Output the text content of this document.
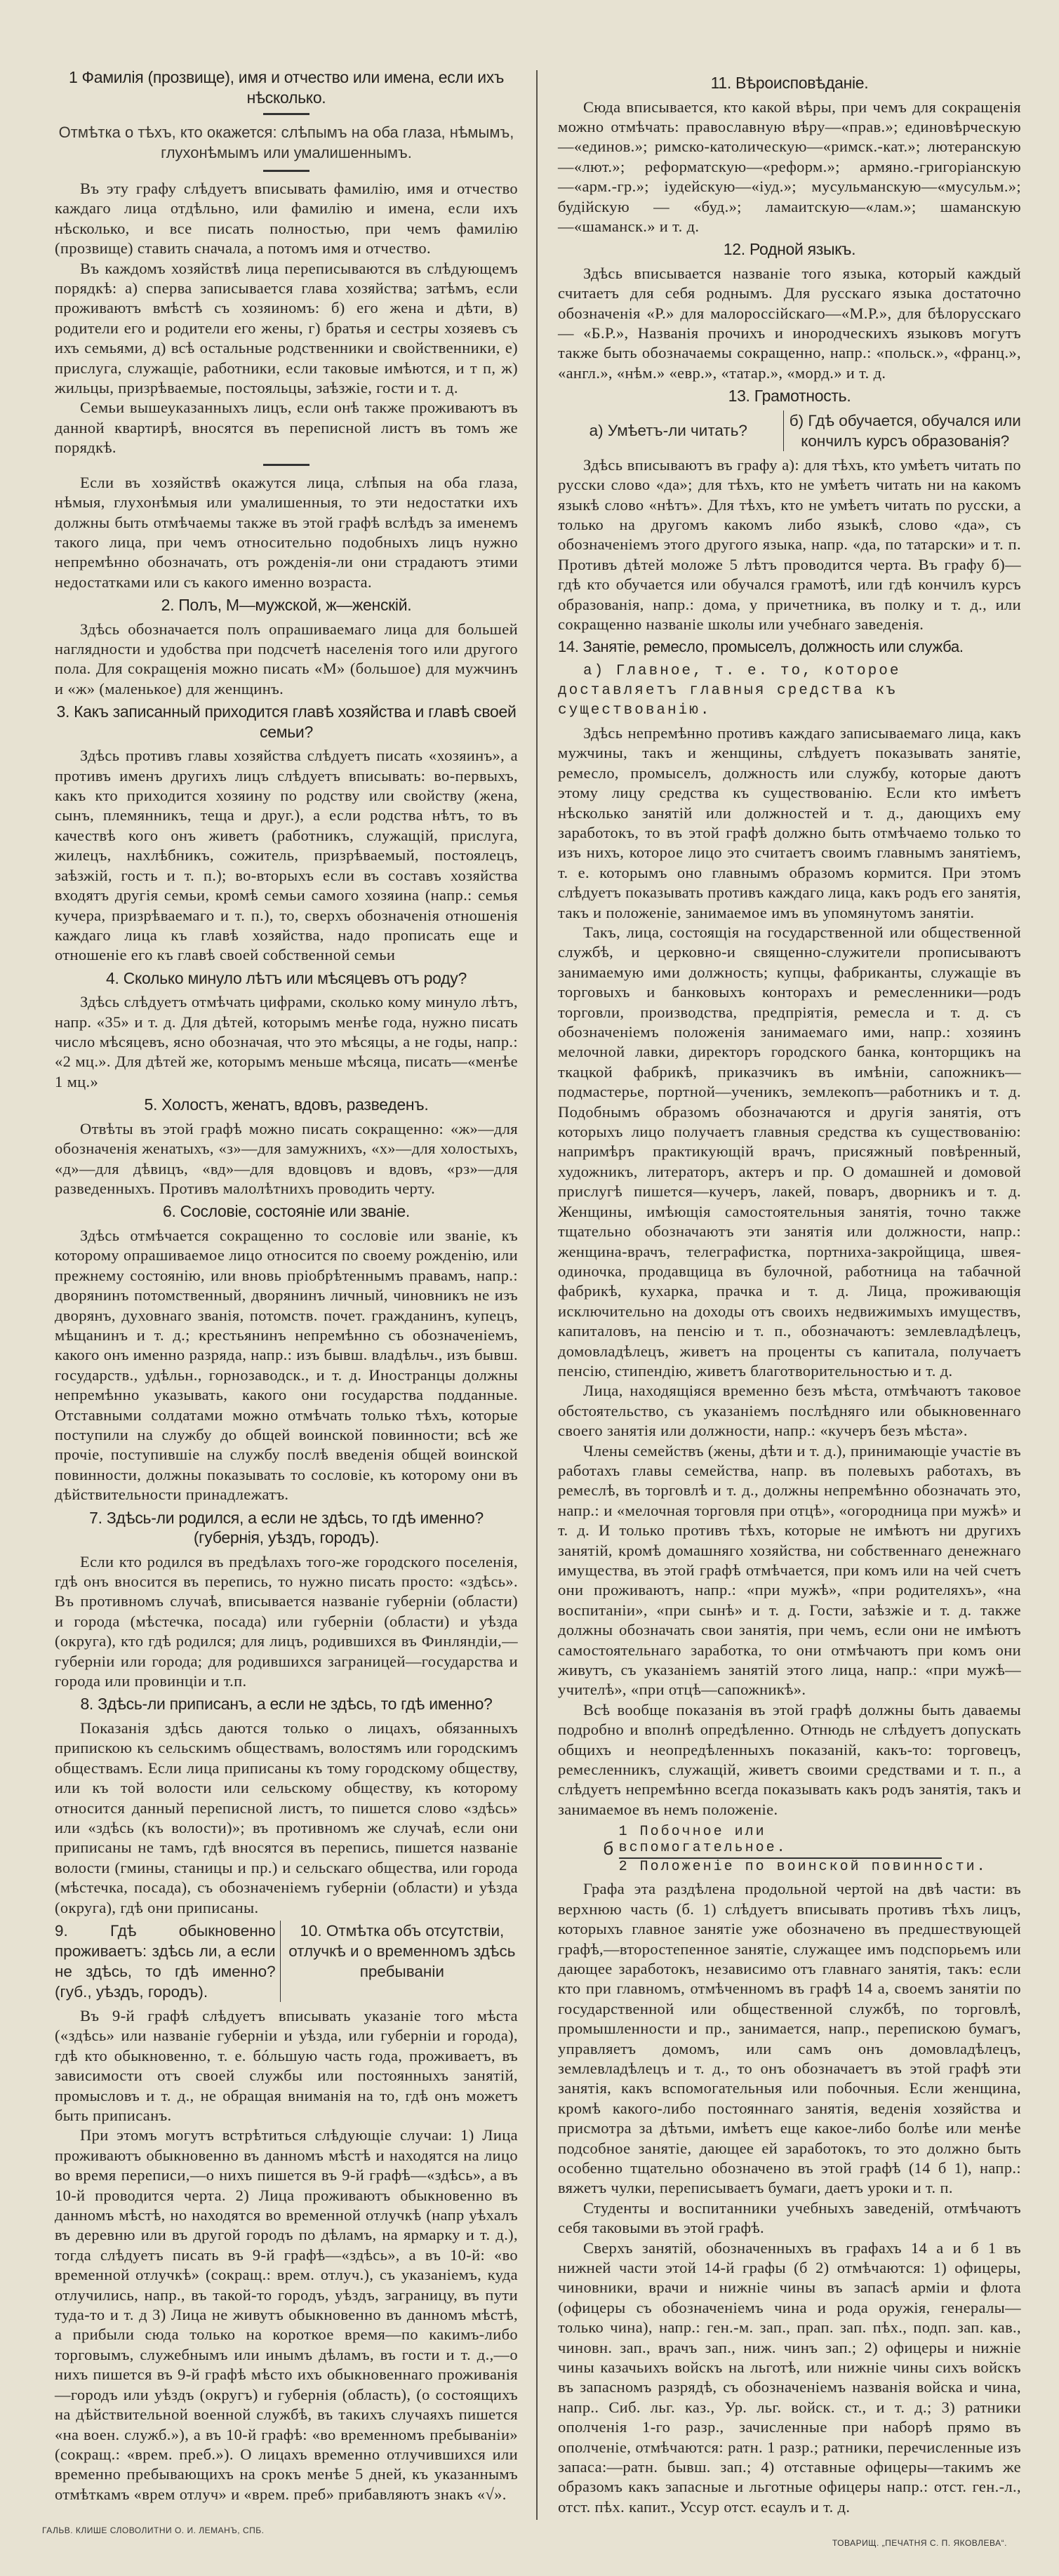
1 Фамилія (прозвище), имя и отчество или имена, если ихъ нѣсколько.
Отмѣтка о тѣхъ, кто окажется: слѣпымъ на оба глаза, нѣмымъ, глухонѣмымъ или умалишеннымъ.

Въ эту графу слѣдуетъ вписывать фамилію, имя и отчество каждаго лица отдѣльно, или фамилію и имена, если ихъ нѣсколько, и все писать полностью, при чемъ фамилію (прозвище) ставить сначала, а потомъ имя и отчество.

Въ каждомъ хозяйствѣ лица переписываются въ слѣдующемъ порядкѣ: а) сперва записывается глава хозяйства; затѣмъ, если проживаютъ вмѣстѣ съ хозяиномъ: б) его жена и дѣти, в) родители его и родители его жены, г) братья и сестры хозяевъ съ ихъ семьями, д) всѣ остальные родственники и свойственники, е) прислуга, служащіе, работники, если таковые имѣются, и т п, ж) жильцы, призрѣваемые, постояльцы, заѣзжіе, гости и т. д.

Семьи вышеуказанныхъ лицъ, если онѣ также проживаютъ въ данной квартирѣ, вносятся въ переписной листъ въ томъ же порядкѣ.

Если въ хозяйствѣ окажутся лица, слѣпыя на оба глаза, нѣмыя, глухонѣмыя или умалишенныя, то эти недостатки ихъ должны быть отмѣчаемы также въ этой графѣ вслѣдъ за именемъ такого лица, при чемъ относительно подобныхъ лицъ нужно непремѣнно обозначать, отъ рожденія-ли они страдаютъ этими недостатками или съ какого именно возраста.

2. Полъ, М—мужской, ж—женскій.

Здѣсь обозначается полъ опрашиваемаго лица для большей наглядности и удобства при подсчетѣ населенія того или другого пола. Для сокращенія можно писать «М» (большое) для мужчинъ и «ж» (маленькое) для женщинъ.

3. Какъ записанный приходится главѣ хозяйства и главѣ своей семьи?

Здѣсь противъ главы хозяйства слѣдуетъ писать «хозяинъ», а противъ именъ другихъ лицъ слѣдуетъ вписывать: во-первыхъ, какъ кто приходится хозяину по родству или свойству (жена, сынъ, племянникъ, теща и друг.), а если родства нѣтъ, то въ качествѣ кого онъ живетъ (работникъ, служащій, прислуга, жилецъ, нахлѣбникъ, сожитель, призрѣваемый, постоялецъ, заѣзжій, гость и т. п.); во-вторыхъ если въ составъ хозяйства входятъ другія семьи, кромѣ семьи самого хозяина (напр.: семья кучера, призрѣваемаго и т. п.), то, сверхъ обозначенія отношенія каждаго лица къ главѣ хозяйства, надо прописать еще и отношеніе его къ главѣ своей собственной семьи

4. Сколько минуло лѣтъ или мѣсяцевъ отъ роду?

Здѣсь слѣдуетъ отмѣчать цифрами, сколько кому минуло лѣтъ, напр. «35» и т. д. Для дѣтей, которымъ менѣе года, нужно писать число мѣсяцевъ, ясно обозначая, что это мѣсяцы, а не годы, напр.: «2 мц.». Для дѣтей же, которымъ меньше мѣсяца, писать—«менѣе 1 мц.»

5. Холостъ, женатъ, вдовъ, разведенъ.

Отвѣты въ этой графѣ можно писать сокращенно: «ж»—для обозначенія женатыхъ, «з»—для замужнихъ, «х»—для холостыхъ, «д»—для дѣвицъ, «вд»—для вдовцовъ и вдовъ, «рз»—для разведенныхъ. Противъ малолѣтнихъ проводить черту.

6. Сословіе, состояніе или званіе.

Здѣсь отмѣчается сокращенно то сословіе или званіе, къ которому опрашиваемое лицо относится по своему рожденію, или прежнему состоянію, или вновь пріобрѣтеннымъ правамъ, напр.: дворянинъ потомственный, дворянинъ личный, чиновникъ не изъ дворянъ, духовнаго званія, потомств. почет. гражданинъ, купецъ, мѣщанинъ и т. д.; крестьянинъ непремѣнно съ обозначеніемъ, какого онъ именно разряда, напр.: изъ бывш. владѣльч., изъ бывш. государств., удѣльн., горнозаводск., и т. д. Иностранцы должны непремѣнно указывать, какого они государства подданные. Отставными солдатами можно отмѣчать только тѣхъ, которые поступили на службу до общей воинской повинности; всѣ же прочіе, поступившіе на службу послѣ введенія общей воинской повинности, должны показывать то сословіе, къ которому они въ дѣйствительности принадлежатъ.

7. Здѣсь-ли родился, а если не здѣсь, то гдѣ именно? (губернія, уѣздъ, городъ).

Если кто родился въ предѣлахъ того-же городского поселенія, гдѣ онъ вносится въ перепись, то нужно писать просто: «здѣсь». Въ противномъ случаѣ, вписывается названіе губерніи (области) и города (мѣстечка, посада) или губерніи (области) и уѣзда (округа), кто гдѣ родился; для лицъ, родившихся въ Финляндіи,—губерніи или города; для родившихся заграницей—государства и города или провинціи и т.п.

8. Здѣсь-ли приписанъ, а если не здѣсь, то гдѣ именно?

Показанія здѣсь даются только о лицахъ, обязанныхъ припискою къ сельскимъ обществамъ, волостямъ или городскимъ обществамъ. Если лица приписаны къ тому городскому обществу, или къ той волости или сельскому обществу, къ которому относится данный переписной листъ, то пишется слово «здѣсь» или «здѣсь (къ волости)»; въ противномъ же случаѣ, если они приписаны не тамъ, гдѣ вносятся въ перепись, пишется названіе волости (гмины, станицы и пр.) и сельскаго общества, или города (мѣстечка, посада), съ обозначеніемъ губерніи (области) и уѣзда (округа), гдѣ они приписаны.

9. Гдѣ обыкновенно проживаетъ: здѣсь ли, а если не здѣсь, то гдѣ именно? (губ., уѣздъ, городъ).
10. Отмѣтка объ отсутствіи, отлучкѣ и о временномъ здѣсь пребываніи

Въ 9-й графѣ слѣдуетъ вписывать указаніе того мѣста («здѣсь» или названіе губерніи и уѣзда, или губерніи и города), гдѣ кто обыкновенно, т. е. бóльшую часть года, проживаетъ, въ зависимости отъ своей службы или постоянныхъ занятій, промысловъ и т. д., не обращая вниманія на то, гдѣ онъ можетъ быть приписанъ.

При этомъ могутъ встрѣтиться слѣдующіе случаи: 1) Лица проживаютъ обыкновенно въ данномъ мѣстѣ и находятся на лицо во время переписи,—о нихъ пишется въ 9-й графѣ—«здѣсь», а въ 10-й проводится черта. 2) Лица проживаютъ обыкновенно въ данномъ мѣстѣ, но находятся во временной отлучкѣ (напр уѣхалъ въ деревню или въ другой городъ по дѣламъ, на ярмарку и т. д.), тогда слѣдуетъ писать въ 9-й графѣ—«здѣсь», а въ 10-й: «во временной отлучкѣ» (сокращ.: врем. отлуч.), съ указаніемъ, куда отлучились, напр., въ такой-то городъ, уѣздъ, заграницу, въ пути туда-то и т. д 3) Лица не живутъ обыкновенно въ данномъ мѣстѣ, а прибыли сюда только на короткое время—по какимъ-либо торговымъ, служебнымъ или инымъ дѣламъ, въ гости и т. д.,—о нихъ пишется въ 9-й графѣ мѣсто ихъ обыкновеннаго проживанія—городъ или уѣздъ (округъ) и губернія (область), (о состоящихъ на дѣйствительной военной службѣ, въ такихъ случаяхъ пишется «на воен. служб.»), а въ 10-й графѣ: «во временномъ пребываніи» (сокращ.: «врем. преб.»). О лицахъ временно отлучившихся или временно пребывающихъ на срокъ менѣе 5 дней, къ указаннымъ отмѣткамъ «врем отлуч» и «врем. преб» прибавляютъ знакъ «√».

ГАЛЬВ. КЛИШЕ СЛОВОЛИТНИ О. И. ЛЕМАНЪ, СПБ.
11. Вѣроисповѣданіе.

Сюда вписывается, кто какой вѣры, при чемъ для сокращенія можно отмѣчать: православную вѣру—«прав.»; единовѣрческую—«единов.»; римско-католическую—«римск.-кат.»; лютеранскую—«лют.»; реформатскую—«реформ.»; армяно.-григоріанскую—«арм.-гр.»; іудейскую—«іуд.»; мусульманскую—«мусульм.»; будійскую — «буд.»; ламаитскую—«лам.»; шаманскую—«шаманск.» и т. д.

12. Родной языкъ.

Здѣсь вписывается названіе того языка, который каждый считаетъ для себя роднымъ. Для русскаго языка достаточно обозначенія «Р.» для малороссійскаго—«М.Р.», для бѣлорусскаго — «Б.Р.», Названія прочихъ и инородческихъ языковъ могутъ также быть обозначаемы сокращенно, напр.: «польск.», «франц.», «англ.», «нѣм.» «евр.», «татар.», «морд.» и т. д.

13. Грамотность.
а) Умѣетъ-ли читать?
б) Гдѣ обучается, обучался или кончилъ курсъ образованія?

Здѣсь вписываютъ въ графу а): для тѣхъ, кто умѣетъ читать по русски слово «да»; для тѣхъ, кто не умѣетъ читать ни на какомъ языкѣ слово «нѣтъ». Для тѣхъ, кто не умѣетъ читать по русски, а только на другомъ какомъ либо языкѣ, слово «да», съ обозначеніемъ этого другого языка, напр. «да, по татарски» и т. п. Противъ дѣтей моложе 5 лѣтъ проводится черта. Въ графу б)—гдѣ кто обучается или обучался грамотѣ, или гдѣ кончилъ курсъ образованія, напр.: дома, у причетника, въ полку и т. д., или сокращенно названіе школы или учебнаго заведенія.

14. Занятіе, ремесло, промыселъ, должность или служба.
а) Главное, т. е. то, которое доставляетъ главныя средства къ существованію.

Здѣсь непремѣнно противъ каждаго записываемаго лица, какъ мужчины, такъ и женщины, слѣдуетъ показывать занятіе, ремесло, промыселъ, должность или службу, которые даютъ этому лицу средства къ существованію. Если кто имѣетъ нѣсколько занятій или должностей и т. д., дающихъ ему заработокъ, то въ этой графѣ должно быть отмѣчаемо только то изъ нихъ, которое лицо это считаетъ своимъ главнымъ занятіемъ, т. е. которымъ оно главнымъ образомъ кормится. При этомъ слѣдуетъ показывать противъ каждаго лица, какъ родъ его занятія, такъ и положеніе, занимаемое имъ въ упомянутомъ занятіи.

Такъ, лица, состоящія на государственной или общественной службѣ, и церковно-и священно-служители прописываютъ занимаемую ими должность; купцы, фабриканты, служащіе въ торговыхъ и банковыхъ конторахъ и ремесленники—родъ торговли, производства, предпріятія, ремесла и т. д. съ обозначеніемъ положенія занимаемаго ими, напр.: хозяинъ мелочной лавки, директоръ городского банка, конторщикъ на ткацкой фабрикѣ, приказчикъ въ имѣніи, сапожникъ—подмастерье, портной—ученикъ, землекопъ—работникъ и т. д. Подобнымъ образомъ обозначаются и другія занятія, отъ которыхъ лицо получаетъ главныя средства къ существованію: напримѣръ практикующій врачъ, присяжный повѣренный, художникъ, литераторъ, актеръ и пр. О домашней и домовой прислугѣ пишется—кучеръ, лакей, поваръ, дворникъ и т. д. Женщины, имѣющія самостоятельныя занятія, точно также тщательно обозначаютъ эти занятія или должности, напр.: женщина-врачъ, телеграфистка, портниха-закройщица, швея-одиночка, продавщица въ булочной, работница на табачной фабрикѣ, кухарка, прачка и т. д. Лица, проживающія исключительно на доходы отъ своихъ недвижимыхъ имуществъ, капиталовъ, на пенсію и т. п., обозначаютъ: землевладѣлецъ, домовладѣлецъ, живетъ на проценты съ капитала, получаетъ пенсію, стипендію, живетъ благотворительностью и т. д.

Лица, находящіяся временно безъ мѣста, отмѣчаютъ таковое обстоятельство, съ указаніемъ послѣдняго или обыкновеннаго своего занятія или должности, напр.: «кучеръ безъ мѣста».

Члены семействъ (жены, дѣти и т. д.), принимающіе участіе въ работахъ главы семейства, напр. въ полевыхъ работахъ, въ ремеслѣ, въ торговлѣ и т. д., должны непремѣнно обозначать это, напр.: и «мелочная торговля при отцѣ», «огородница при мужѣ» и т. д. И только противъ тѣхъ, которые не имѣютъ ни другихъ занятій, кромѣ домашняго хозяйства, ни собственнаго денежнаго имущества, въ этой графѣ отмѣчается, при комъ или на чей счетъ они проживаютъ, напр.: «при мужѣ», «при родителяхъ», «на воспитаніи», «при сынѣ» и т. д. Гости, заѣзжіе и т. д. также должны обозначать свои занятія, при чемъ, если они не имѣютъ самостоятельнаго заработка, то они отмѣчаютъ при комъ они живутъ, съ указаніемъ занятій этого лица, напр.: «при мужѣ—учителѣ», «при отцѣ—сапожникѣ».

Всѣ вообще показанія въ этой графѣ должны быть даваемы подробно и вполнѣ опредѣленно. Отнюдь не слѣдуетъ допускать общихъ и неопредѣленныхъ показаній, какъ-то: торговецъ, ремесленникъ, служащій, живетъ своими средствами и т. п., а слѣдуетъ непремѣнно всегда показывать какъ родъ занятія, такъ и занимаемое въ немъ положеніе.

б
1 Побочное или вспомогательное.
2 Положеніе по воинской повинности.

Графа эта раздѣлена продольной чертой на двѣ части: въ верхнюю часть (б. 1) слѣдуетъ вписывать противъ тѣхъ лицъ, которыхъ главное занятіе уже обозначено въ предшествующей графѣ,—второстепенное занятіе, служащее имъ подспорьемъ или дающее заработокъ, независимо отъ главнаго занятія, такъ: если кто при главномъ, отмѣченномъ въ графѣ 14 а, своемъ занятіи по государственной или общественной службѣ, по торговлѣ, промышленности и пр., занимается, напр., перепискою бумагъ, управляетъ домомъ, или самъ онъ домовладѣлецъ, землевладѣлецъ и т. д., то онъ обозначаетъ въ этой графѣ эти занятія, какъ вспомогательныя или побочныя. Если женщина, кромѣ какого-либо постояннаго занятія, веденія хозяйства и присмотра за дѣтьми, имѣетъ еще какое-либо болѣе или менѣе подсобное занятіе, дающее ей заработокъ, то это должно быть особенно тщательно обозначено въ этой графѣ (14 б 1), напр.: вяжетъ чулки, переписываетъ бумаги, даетъ уроки и т. п.

Студенты и воспитанники учебныхъ заведеній, отмѣчаютъ себя таковыми въ этой графѣ.

Сверхъ занятій, обозначенныхъ въ графахъ 14 а и б 1 въ нижней части этой 14-й графы (б 2) отмѣчаются: 1) офицеры, чиновники, врачи и нижніе чины въ запасѣ арміи и флота (офицеры съ обозначеніемъ чина и рода оружія, генералы—только чина), напр.: ген.-м. зап., прап. зап. пѣх., подп. зап. кав., чиновн. зап., врачъ зап., ниж. чинъ зап.; 2) офицеры и нижніе чины казачьихъ войскъ на льготѣ, или нижніе чины сихъ войскъ въ запасномъ разрядѣ, съ обозначеніемъ названія войска и чина, напр.. Сиб. льг. каз., Ур. льг. войск. ст., и т. д.; 3) ратники ополченія 1-го разр., зачисленные при наборѣ прямо въ ополченіе, отмѣчаются: ратн. 1 разр.; ратники, перечисленные изъ запаса:—ратн. бывш. зап.; 4) отставные офицеры—такимъ же образомъ какъ запасные и льготные офицеры напр.: отст. ген.-л., отст. пѣх. капит., Уссур отст. есаулъ и т. д.

ТОВАРИЩ. „ПЕЧАТНЯ С. П. ЯКОВЛЕВА“.
